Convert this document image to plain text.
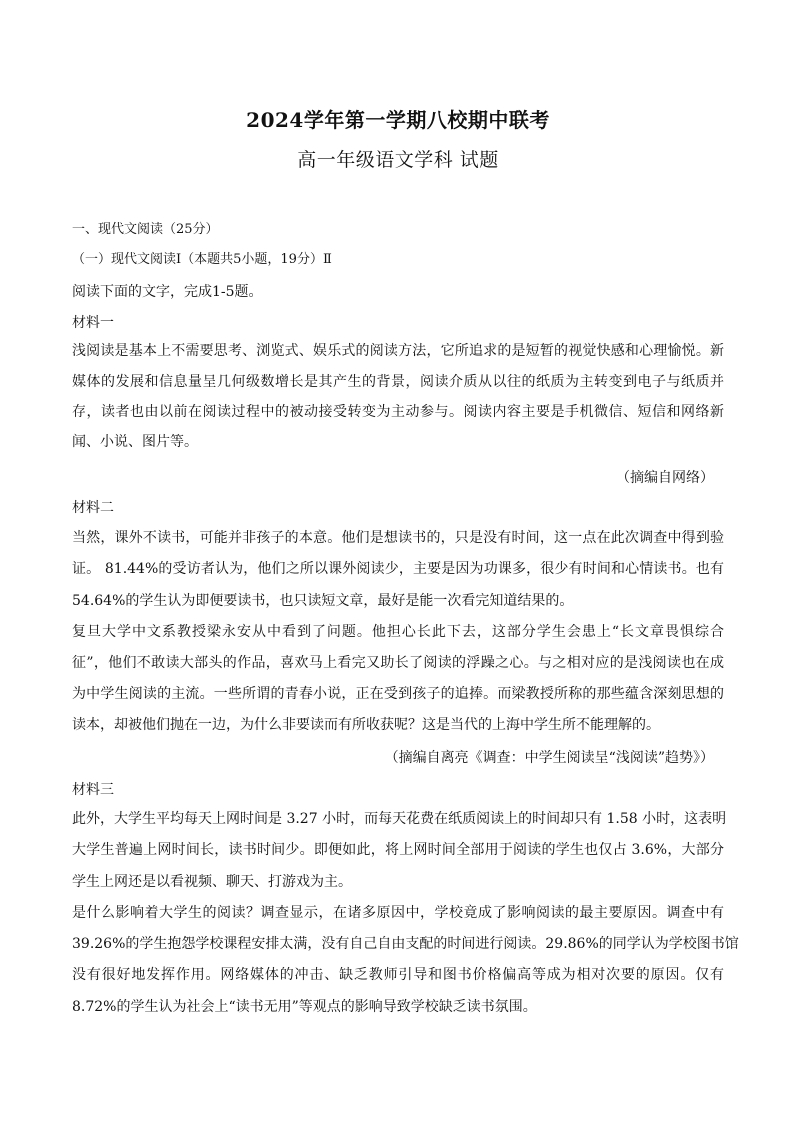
2024学年第一学期八校期中联考
高一年级语文学科 试题
一、现代文阅读（25分）
（一）现代文阅读Ⅰ（本题共5小题，19分）Ⅱ
阅读下面的文字，完成1-5题。
材料一
浅阅读是基本上不需要思考、浏览式、娱乐式的阅读方法，它所追求的是短暂的视觉快感和心理愉悦。新
媒体的发展和信息量呈几何级数增长是其产生的背景，阅读介质从以往的纸质为主转变到电子与纸质并
存，读者也由以前在阅读过程中的被动接受转变为主动参与。阅读内容主要是手机微信、短信和网络新
闻、小说、图片等。
（摘编自网络）
材料二
当然，课外不读书，可能并非孩子的本意。他们是想读书的，只是没有时间，这一点在此次调查中得到验
证。 81.44%的受访者认为，他们之所以课外阅读少，主要是因为功课多，很少有时间和心情读书。也有
54.64%的学生认为即便要读书，也只读短文章，最好是能一次看完知道结果的。
复旦大学中文系教授梁永安从中看到了问题。他担心长此下去，这部分学生会患上“长文章畏惧综合
征”，他们不敢读大部头的作品，喜欢马上看完又助长了阅读的浮躁之心。与之相对应的是浅阅读也在成
为中学生阅读的主流。一些所谓的青春小说，正在受到孩子的追捧。而梁教授所称的那些蕴含深刻思想的
读本，却被他们抛在一边，为什么非要读而有所收获呢？这是当代的上海中学生所不能理解的。
（摘编自离亮《调查：中学生阅读呈“浅阅读”趋势》）
材料三
此外，大学生平均每天上网时间是 3.27 小时，而每天花费在纸质阅读上的时间却只有 1.58 小时，这表明
大学生普遍上网时间长，读书时间少。即便如此，将上网时间全部用于阅读的学生也仅占 3.6%，大部分
学生上网还是以看视频、聊天、打游戏为主。
是什么影响着大学生的阅读？调查显示，在诸多原因中，学校竟成了影响阅读的最主要原因。调查中有
39.26%的学生抱怨学校课程安排太满，没有自己自由支配的时间进行阅读。29.86%的同学认为学校图书馆
没有很好地发挥作用。网络媒体的冲击、缺乏教师引导和图书价格偏高等成为相对次要的原因。仅有
8.72%的学生认为社会上“读书无用”等观点的影响导致学校缺乏读书氛围。
